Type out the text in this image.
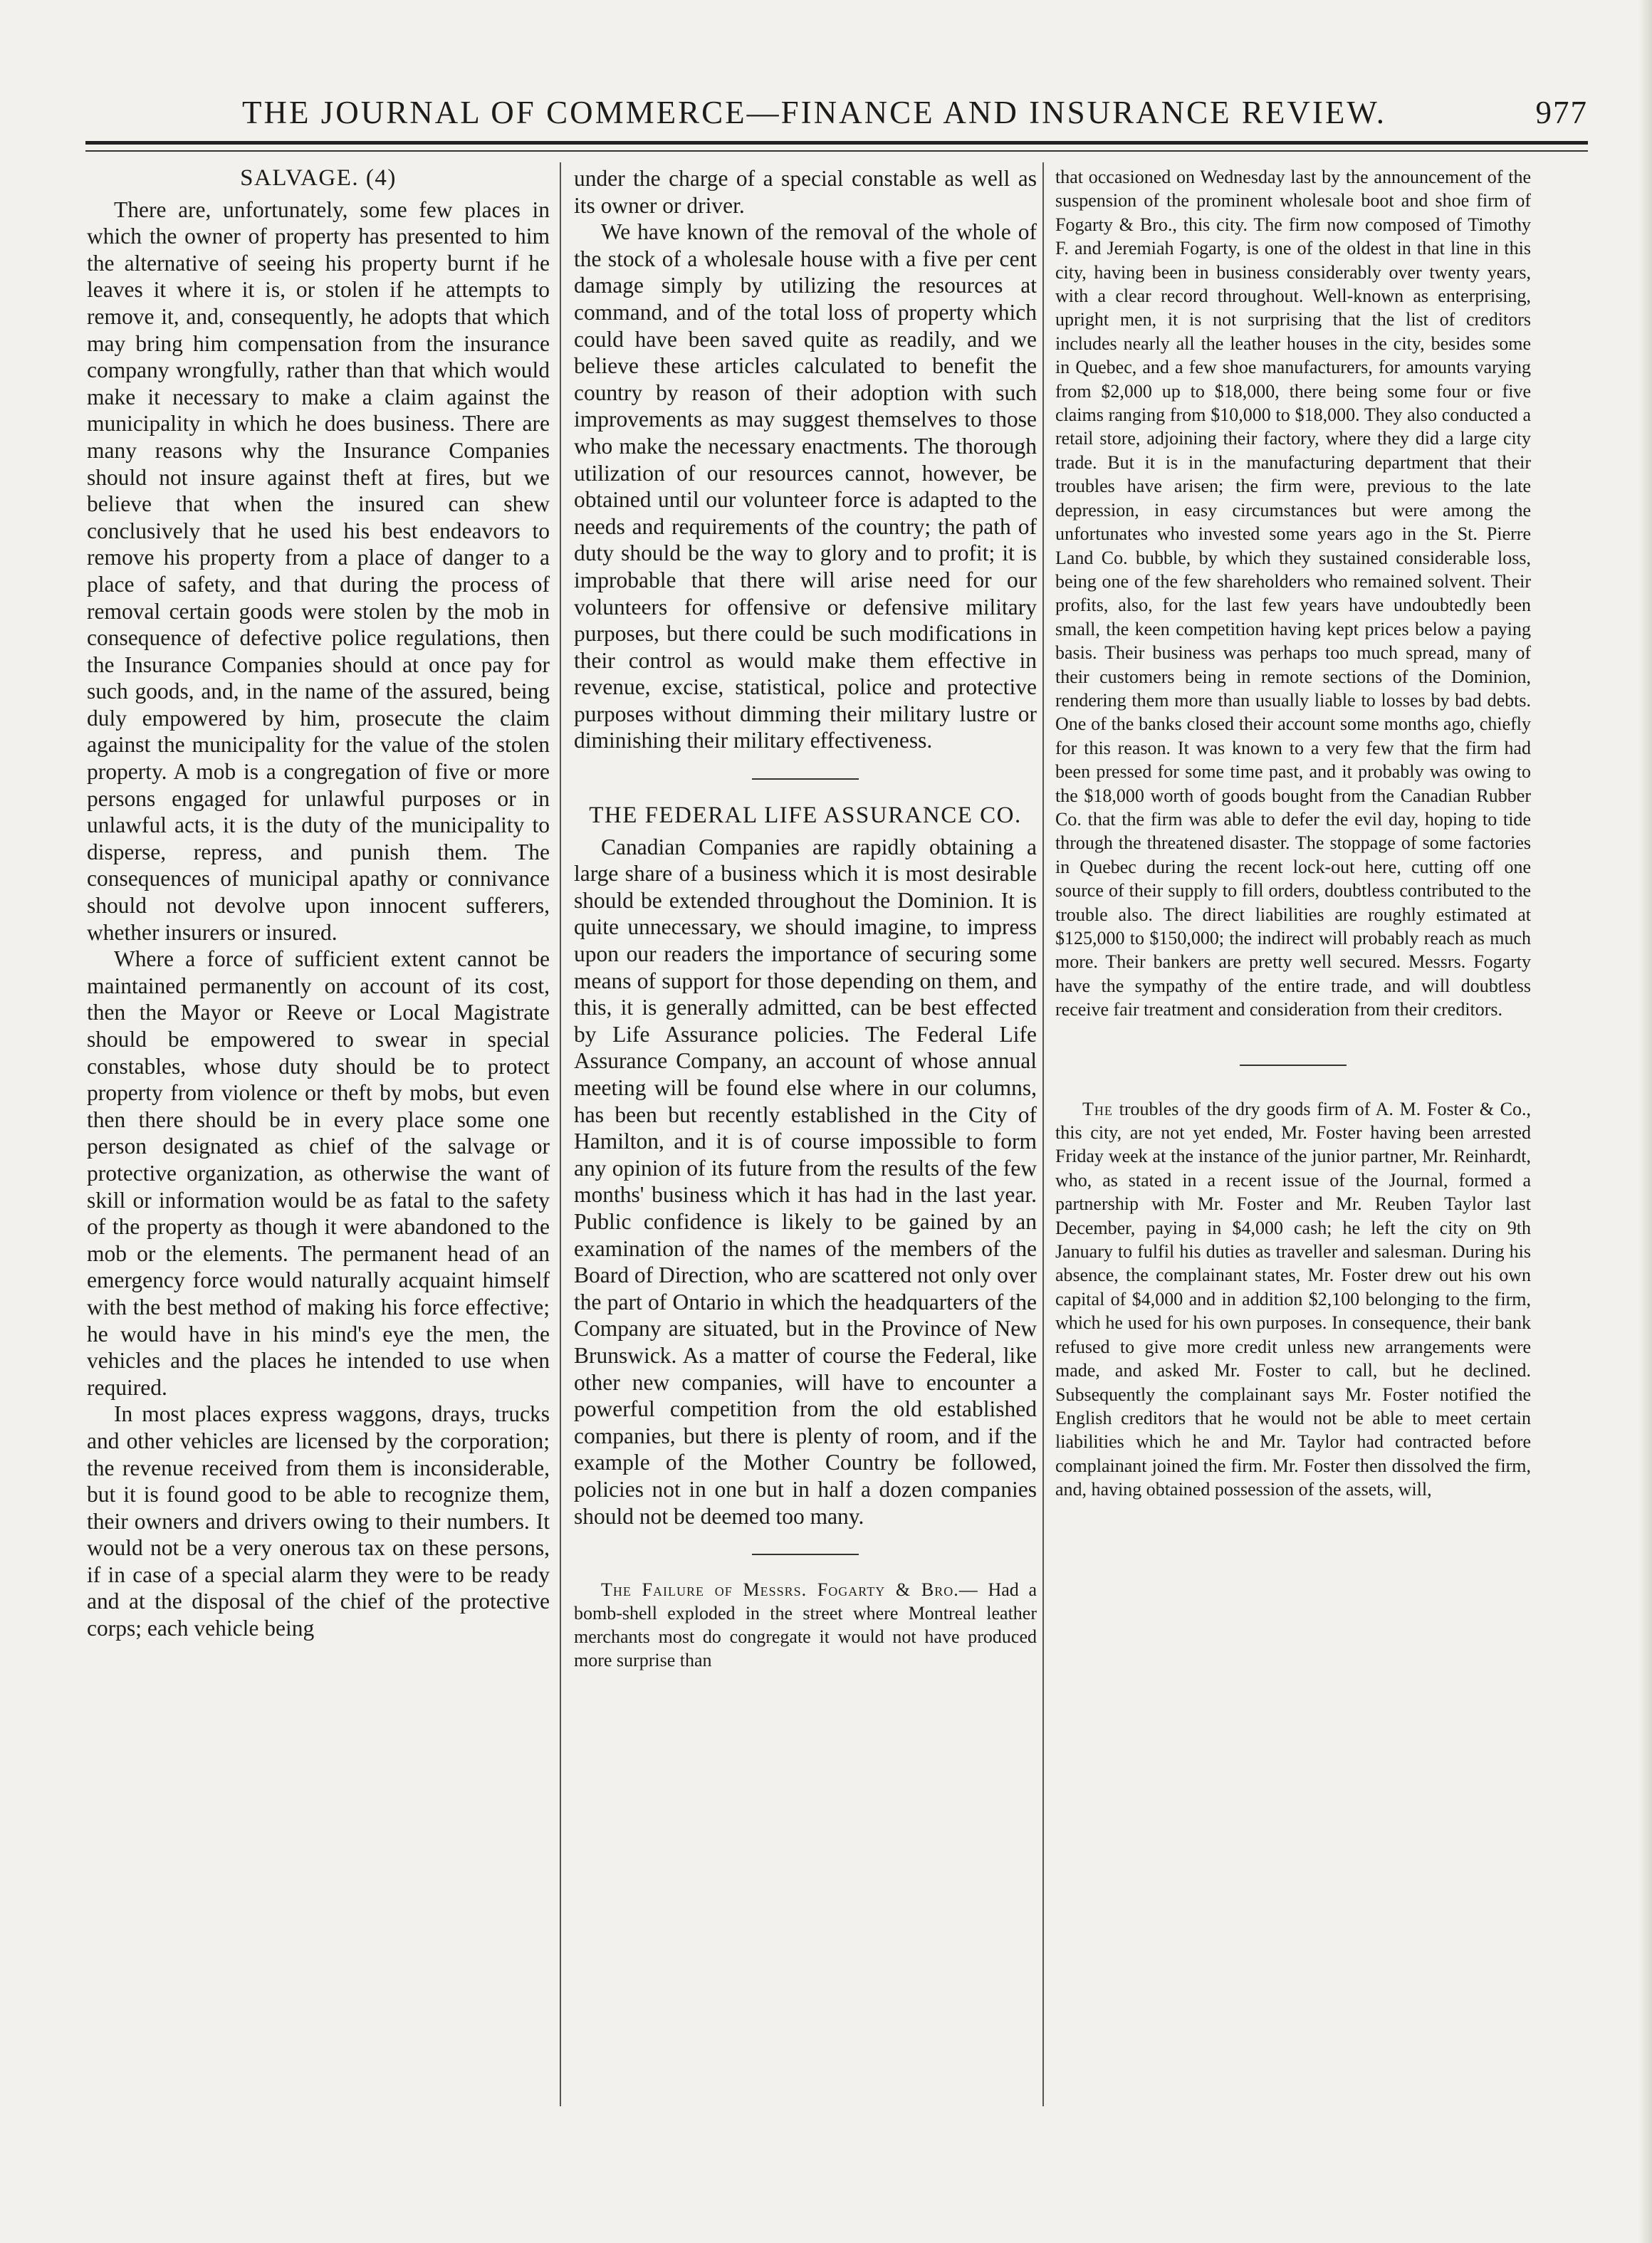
THE JOURNAL OF COMMERCE—FINANCE AND INSURANCE REVIEW.	977
SALVAGE. (4)

There are, unfortunately, some few places in which the owner of property has presented to him the alternative of seeing his property burnt if he leaves it where it is, or stolen if he attempts to remove it, and, consequently, he adopts that which may bring him compensation from the insurance company wrongfully, rather than that which would make it necessary to make a claim against the municipality in which he does business. There are many reasons why the Insurance Companies should not insure against theft at fires, but we believe that when the insured can shew conclusively that he used his best endeavors to remove his property from a place of danger to a place of safety, and that during the process of removal certain goods were stolen by the mob in consequence of defective police regulations, then the Insurance Companies should at once pay for such goods, and, in the name of the assured, being duly empowered by him, prosecute the claim against the municipality for the value of the stolen property. A mob is a congregation of five or more persons engaged for unlawful purposes or in unlawful acts, it is the duty of the municipality to disperse, repress, and punish them. The consequences of municipal apathy or connivance should not devolve upon innocent sufferers, whether insurers or insured.

Where a force of sufficient extent cannot be maintained permanently on account of its cost, then the Mayor or Reeve or Local Magistrate should be empowered to swear in special constables, whose duty should be to protect property from violence or theft by mobs, but even then there should be in every place some one person designated as chief of the salvage or protective organization, as otherwise the want of skill or information would be as fatal to the safety of the property as though it were abandoned to the mob or the elements. The permanent head of an emergency force would naturally acquaint himself with the best method of making his force effective; he would have in his mind's eye the men, the vehicles and the places he intended to use when required.

In most places express waggons, drays, trucks and other vehicles are licensed by the corporation; the revenue received from them is inconsiderable, but it is found good to be able to recognize them, their owners and drivers owing to their numbers. It would not be a very onerous tax on these persons, if in case of a special alarm they were to be ready and at the disposal of the chief of the protective corps; each vehicle being

under the charge of a special constable as well as its owner or driver.

We have known of the removal of the whole of the stock of a wholesale house with a five per cent damage simply by utilizing the resources at command, and of the total loss of property which could have been saved quite as readily, and we believe these articles calculated to benefit the country by reason of their adoption with such improvements as may suggest themselves to those who make the necessary enactments. The thorough utilization of our resources cannot, however, be obtained until our volunteer force is adapted to the needs and requirements of the country; the path of duty should be the way to glory and to profit; it is improbable that there will arise need for our volunteers for offensive or defensive military purposes, but there could be such modifications in their control as would make them effective in revenue, excise, statistical, police and protective purposes without dimming their military lustre or diminishing their military effectiveness.

THE FEDERAL LIFE ASSURANCE CO.

Canadian Companies are rapidly obtaining a large share of a business which it is most desirable should be extended throughout the Dominion. It is quite unnecessary, we should imagine, to impress upon our readers the importance of securing some means of support for those depending on them, and this, it is generally admitted, can be best effected by Life Assurance policies. The Federal Life Assurance Company, an account of whose annual meeting will be found else where in our columns, has been but recently established in the City of Hamilton, and it is of course impossible to form any opinion of its future from the results of the few months' business which it has had in the last year. Public confidence is likely to be gained by an examination of the names of the members of the Board of Direction, who are scattered not only over the part of Ontario in which the headquarters of the Company are situated, but in the Province of New Brunswick. As a matter of course the Federal, like other new companies, will have to encounter a powerful competition from the old established companies, but there is plenty of room, and if the example of the Mother Country be followed, policies not in one but in half a dozen companies should not be deemed too many.

The Failure of Messrs. Fogarty & Bro.— Had a bomb-shell exploded in the street where Montreal leather merchants most do congregate it would not have produced more surprise than

that occasioned on Wednesday last by the announcement of the suspension of the prominent wholesale boot and shoe firm of Fogarty & Bro., this city. The firm now composed of Timothy F. and Jeremiah Fogarty, is one of the oldest in that line in this city, having been in business considerably over twenty years, with a clear record throughout. Well-known as enterprising, upright men, it is not surprising that the list of creditors includes nearly all the leather houses in the city, besides some in Quebec, and a few shoe manufacturers, for amounts varying from $2,000 up to $18,000, there being some four or five claims ranging from $10,000 to $18,000. They also conducted a retail store, adjoining their factory, where they did a large city trade. But it is in the manufacturing department that their troubles have arisen; the firm were, previous to the late depression, in easy circumstances but were among the unfortunates who invested some years ago in the St. Pierre Land Co. bubble, by which they sustained considerable loss, being one of the few shareholders who remained solvent. Their profits, also, for the last few years have undoubtedly been small, the keen competition having kept prices below a paying basis. Their business was perhaps too much spread, many of their customers being in remote sections of the Dominion, rendering them more than usually liable to losses by bad debts. One of the banks closed their account some months ago, chiefly for this reason. It was known to a very few that the firm had been pressed for some time past, and it probably was owing to the $18,000 worth of goods bought from the Canadian Rubber Co. that the firm was able to defer the evil day, hoping to tide through the threatened disaster. The stoppage of some factories in Quebec during the recent lock-out here, cutting off one source of their supply to fill orders, doubtless contributed to the trouble also. The direct liabilities are roughly estimated at $125,000 to $150,000; the indirect will probably reach as much more. Their bankers are pretty well secured. Messrs. Fogarty have the sympathy of the entire trade, and will doubtless receive fair treatment and consideration from their creditors.

The troubles of the dry goods firm of A. M. Foster & Co., this city, are not yet ended, Mr. Foster having been arrested Friday week at the instance of the junior partner, Mr. Reinhardt, who, as stated in a recent issue of the Journal, formed a partnership with Mr. Foster and Mr. Reuben Taylor last December, paying in $4,000 cash; he left the city on 9th January to fulfil his duties as traveller and salesman. During his absence, the complainant states, Mr. Foster drew out his own capital of $4,000 and in addition $2,100 belonging to the firm, which he used for his own purposes. In consequence, their bank refused to give more credit unless new arrangements were made, and asked Mr. Foster to call, but he declined. Subsequently the complainant says Mr. Foster notified the English creditors that he would not be able to meet certain liabilities which he and Mr. Taylor had contracted before complainant joined the firm. Mr. Foster then dissolved the firm, and, having obtained possession of the assets, will,
